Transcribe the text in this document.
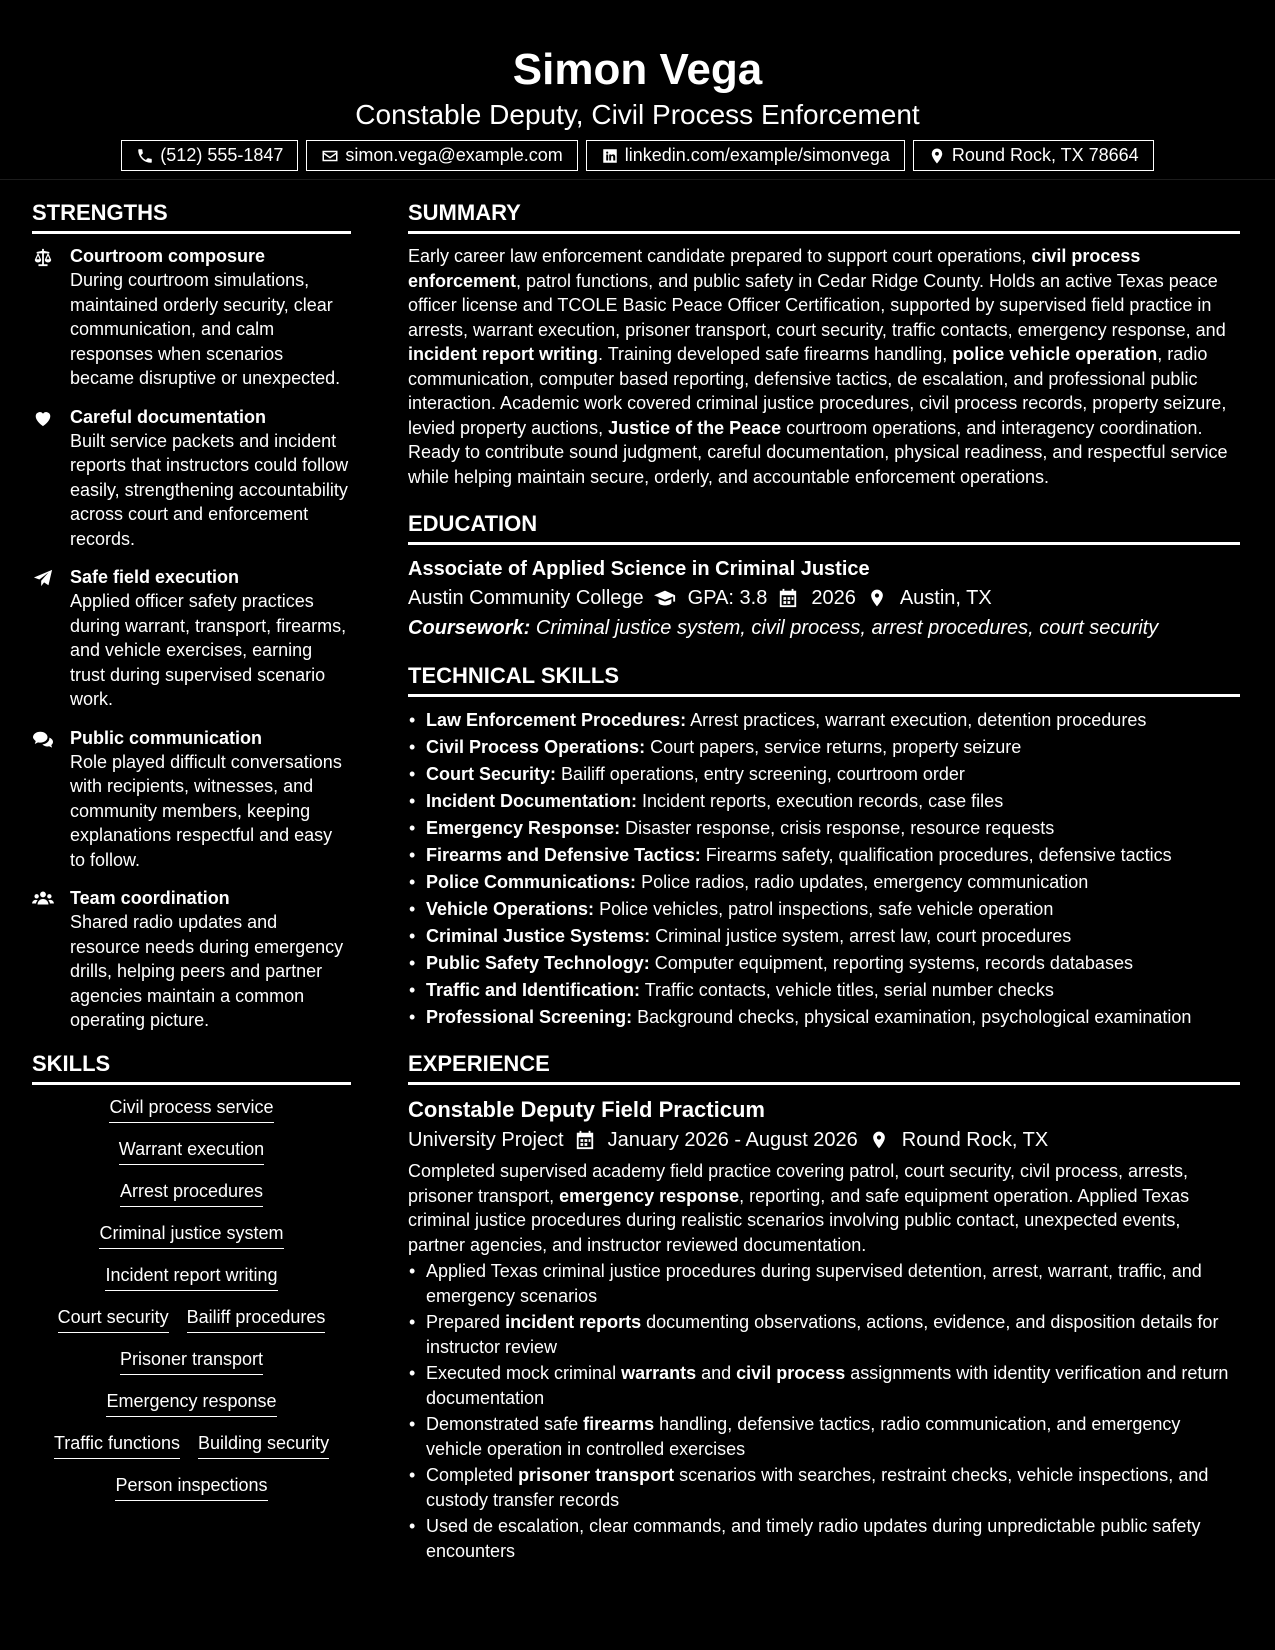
Simon Vega
Constable Deputy, Civil Process Enforcement
(512) 555-1847	simon.vega@example.com	linkedin.com/example/simonvega	Round Rock, TX 78664
STRENGTHS
Courtroom composure
During courtroom simulations, maintained orderly security, clear communication, and calm responses when scenarios became disruptive or unexpected.
Careful documentation
Built service packets and incident reports that instructors could follow easily, strengthening accountability across court and enforcement records.
Safe field execution
Applied officer safety practices during warrant, transport, firearms, and vehicle exercises, earning trust during supervised scenario work.
Public communication
Role played difficult conversations with recipients, witnesses, and community members, keeping explanations respectful and easy to follow.
Team coordination
Shared radio updates and resource needs during emergency drills, helping peers and partner agencies maintain a common operating picture.
SKILLS
Civil process service
Warrant execution
Arrest procedures
Criminal justice system
Incident report writing
Court security Bailiff procedures
Prisoner transport
Emergency response
Traffic functions Building security
Person inspections
SUMMARY

Early career law enforcement candidate prepared to support court operations, civil process enforcement, patrol functions, and public safety in Cedar Ridge County. Holds an active Texas peace officer license and TCOLE Basic Peace Officer Certification, supported by supervised field practice in arrests, warrant execution, prisoner transport, court security, traffic contacts, emergency response, and incident report writing. Training developed safe firearms handling, police vehicle operation, radio communication, computer based reporting, defensive tactics, de escalation, and professional public interaction. Academic work covered criminal justice procedures, civil process records, property seizure, levied property auctions, Justice of the Peace courtroom operations, and interagency coordination. Ready to contribute sound judgment, careful documentation, physical readiness, and respectful service while helping maintain secure, orderly, and accountable enforcement operations.

EDUCATION
Associate of Applied Science in Criminal Justice
Austin Community College GPA: 3.8 2026 Austin, TX
Coursework: Criminal justice system, civil process, arrest procedures, court security
TECHNICAL SKILLS
• Law Enforcement Procedures: Arrest practices, warrant execution, detention procedures
• Civil Process Operations: Court papers, service returns, property seizure
• Court Security: Bailiff operations, entry screening, courtroom order
• Incident Documentation: Incident reports, execution records, case files
• Emergency Response: Disaster response, crisis response, resource requests
• Firearms and Defensive Tactics: Firearms safety, qualification procedures, defensive tactics
• Police Communications: Police radios, radio updates, emergency communication
• Vehicle Operations: Police vehicles, patrol inspections, safe vehicle operation
• Criminal Justice Systems: Criminal justice system, arrest law, court procedures
• Public Safety Technology: Computer equipment, reporting systems, records databases
• Traffic and Identification: Traffic contacts, vehicle titles, serial number checks
• Professional Screening: Background checks, physical examination, psychological examination
EXPERIENCE
Constable Deputy Field Practicum
University Project January 2026 - August 2026 Round Rock, TX

Completed supervised academy field practice covering patrol, court security, civil process, arrests, prisoner transport, emergency response, reporting, and safe equipment operation. Applied Texas criminal justice procedures during realistic scenarios involving public contact, unexpected events, partner agencies, and instructor reviewed documentation.

• Applied Texas criminal justice procedures during supervised detention, arrest, warrant, traffic, and emergency scenarios
• Prepared incident reports documenting observations, actions, evidence, and disposition details for instructor review
• Executed mock criminal warrants and civil process assignments with identity verification and return documentation
• Demonstrated safe firearms handling, defensive tactics, radio communication, and emergency vehicle operation in controlled exercises
• Completed prisoner transport scenarios with searches, restraint checks, vehicle inspections, and custody transfer records
• Used de escalation, clear commands, and timely radio updates during unpredictable public safety encounters
